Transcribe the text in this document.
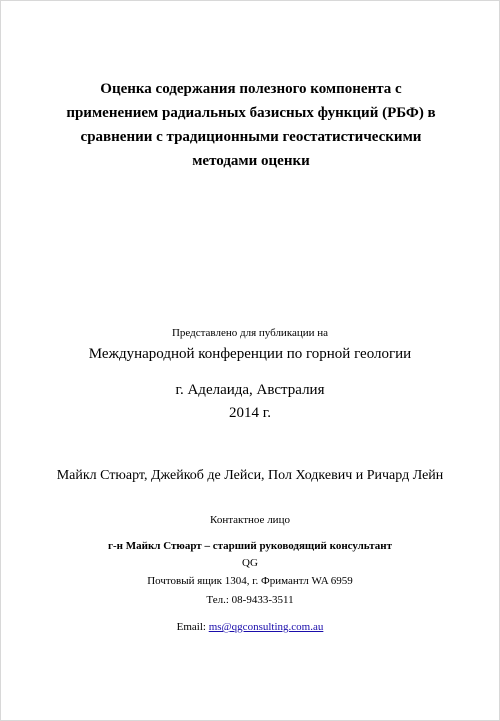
Оценка содержания полезного компонента с
применением радиальных базисных функций (РБФ) в
сравнении с традиционными геостатистическими
методами оценки
Представлено для публикации на
Международной конференции по горной геологии
г. Аделаида, Австралия
2014 г.
Майкл Стюарт, Джейкоб де Лейси, Пол Ходкевич и Ричард Лейн
Контактное лицо
г-н Майкл Стюарт – старший руководящий консультант
QG
Почтовый ящик 1304, г. Фримантл WA 6959
Тел.: 08-9433-3511
Email: ms@qgconsulting.com.au
